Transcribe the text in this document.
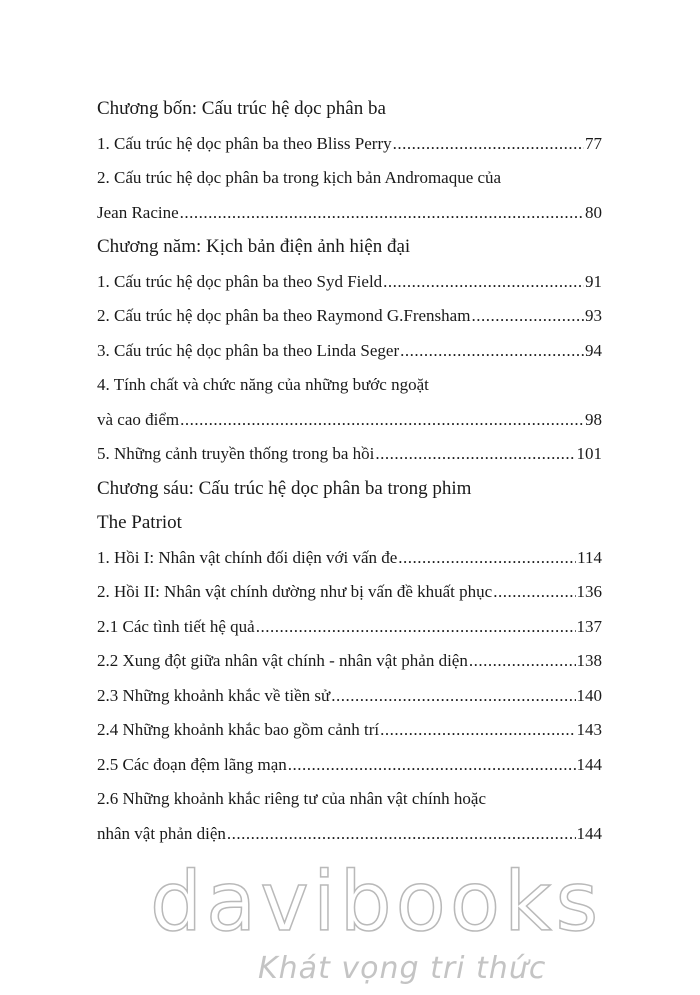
Chương bốn: Cấu trúc hệ dọc phân ba
1. Cấu trúc hệ dọc phân ba theo Bliss Perry .....	77
2. Cấu trúc hệ dọc phân ba trong kịch bản Andromaque của
Jean Racine .....	80
Chương năm: Kịch bản điện ảnh hiện đại
1. Cấu trúc hệ dọc phân ba theo Syd Field .....	91
2. Cấu trúc hệ dọc phân ba theo Raymond G.Frensham .....	93
3. Cấu trúc hệ dọc phân ba theo Linda Seger .....	94
4. Tính chất và chức năng của những bước ngoặt
và cao điểm .....	98
5. Những cảnh truyền thống trong ba hồi .....	101
Chương sáu: Cấu trúc hệ dọc phân ba trong phim
The Patriot
1. Hồi I: Nhân vật chính đối diện với vấn đe .....	114
2. Hồi II: Nhân vật chính dường như bị vấn đề khuất phục .....	136
2.1 Các tình tiết hệ quả .....	137
2.2 Xung đột giữa nhân vật chính - nhân vật phản diện .....	138
2.3 Những khoảnh khắc về tiền sử .....	140
2.4 Những khoảnh khắc bao gồm cảnh trí .....	143
2.5 Các đoạn đệm lãng mạn .....	144
2.6 Những khoảnh khắc riêng tư của nhân vật chính hoặc
nhân vật phản diện .....	144
davibooks
Khát vọng tri thức
